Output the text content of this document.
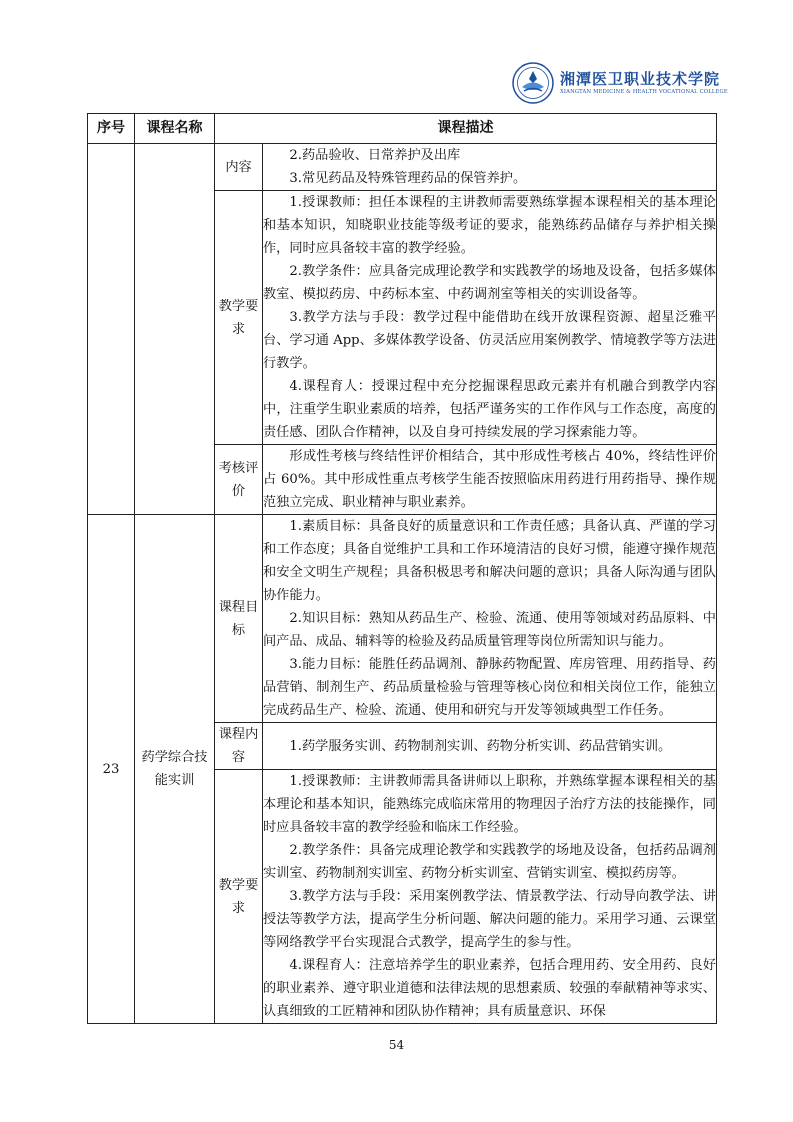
湘潭医卫职业技术学院
XIANGTAN MEDICINE & HEALTH VOCATIONAL COLLEGE
序号	课程名称	课程描述	
		内容	2.药品验收、日常养护及出库
3.常见药品及特殊管理药品的保管养护。

		教学要求	1.授课教师：担任本课程的主讲教师需要熟练掌握本课程相关的基本理论和基本知识，知晓职业技能等级考证的要求，能熟练药品储存与养护相关操作，同时应具备较丰富的教学经验。
2.教学条件：应具备完成理论教学和实践教学的场地及设备，包括多媒体教室、模拟药房、中药标本室、中药调剂室等相关的实训设备等。
3.教学方法与手段：教学过程中能借助在线开放课程资源、超星泛雅平台、学习通 App、多媒体教学设备、仿灵活应用案例教学、情境教学等方法进行教学。
4.课程育人：授课过程中充分挖掘课程思政元素并有机融合到教学内容中，注重学生职业素质的培养，包括严谨务实的工作作风与工作态度，高度的责任感、团队合作精神，以及自身可持续发展的学习探索能力等。

		考核评价	形成性考核与终结性评价相结合，其中形成性考核占 40%，终结性评价占 60%。其中形成性重点考核学生能否按照临床用药进行用药指导、操作规范独立完成、职业精神与职业素养。

23	药学综合技能实训	课程目标	1.素质目标：具备良好的质量意识和工作责任感；具备认真、严谨的学习和工作态度；具备自觉维护工具和工作环境清洁的良好习惯，能遵守操作规范和安全文明生产规程；具备积极思考和解决问题的意识；具备人际沟通与团队协作能力。
2.知识目标：熟知从药品生产、检验、流通、使用等领域对药品原料、中间产品、成品、辅料等的检验及药品质量管理等岗位所需知识与能力。
3.能力目标：能胜任药品调剂、静脉药物配置、库房管理、用药指导、药品营销、制剂生产、药品质量检验与管理等核心岗位和相关岗位工作，能独立完成药品生产、检验、流通、使用和研究与开发等领域典型工作任务。

		课程内容	1.药学服务实训、药物制剂实训、药物分析实训、药品营销实训。

		教学要求	1.授课教师：主讲教师需具备讲师以上职称，并熟练掌握本课程相关的基本理论和基本知识，能熟练完成临床常用的物理因子治疗方法的技能操作，同时应具备较丰富的教学经验和临床工作经验。
2.教学条件：具备完成理论教学和实践教学的场地及设备，包括药品调剂实训室、药物制剂实训室、药物分析实训室、营销实训室、模拟药房等。
3.教学方法与手段：采用案例教学法、情景教学法、行动导向教学法、讲授法等教学方法，提高学生分析问题、解决问题的能力。采用学习通、云课堂等网络教学平台实现混合式教学，提高学生的参与性。
4.课程育人：注意培养学生的职业素养，包括合理用药、安全用药、良好的职业素养、遵守职业道德和法律法规的思想素质、较强的奉献精神等求实、认真细致的工匠精神和团队协作精神；具有质量意识、环保
54
